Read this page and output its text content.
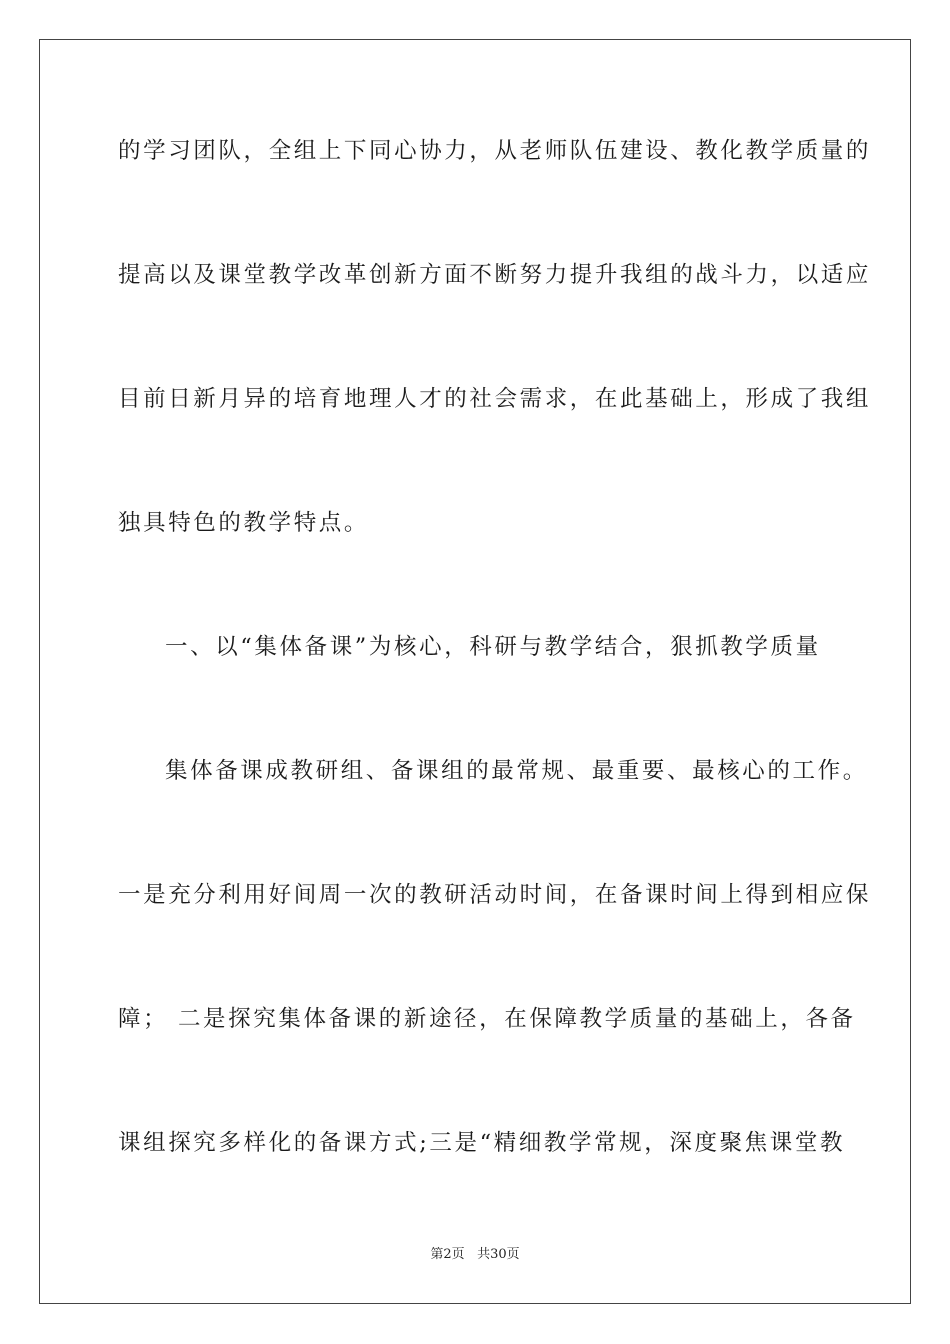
的学习团队，全组上下同心协力，从老师队伍建设、教化教学质量的
提高以及课堂教学改革创新方面不断努力提升我组的战斗力，以适应
目前日新月异的培育地理人才的社会需求，在此基础上，形成了我组
独具特色的教学特点。
一、以“集体备课”为核心，科研与教学结合，狠抓教学质量
集体备课成教研组、备课组的最常规、最重要、最核心的工作。
一是充分利用好间周一次的教研活动时间，在备课时间上得到相应保
障； 二是探究集体备课的新途径，在保障教学质量的基础上，各备
课组探究多样化的备课方式;三是“精细教学常规，深度聚焦课堂教
第2页 共30页
